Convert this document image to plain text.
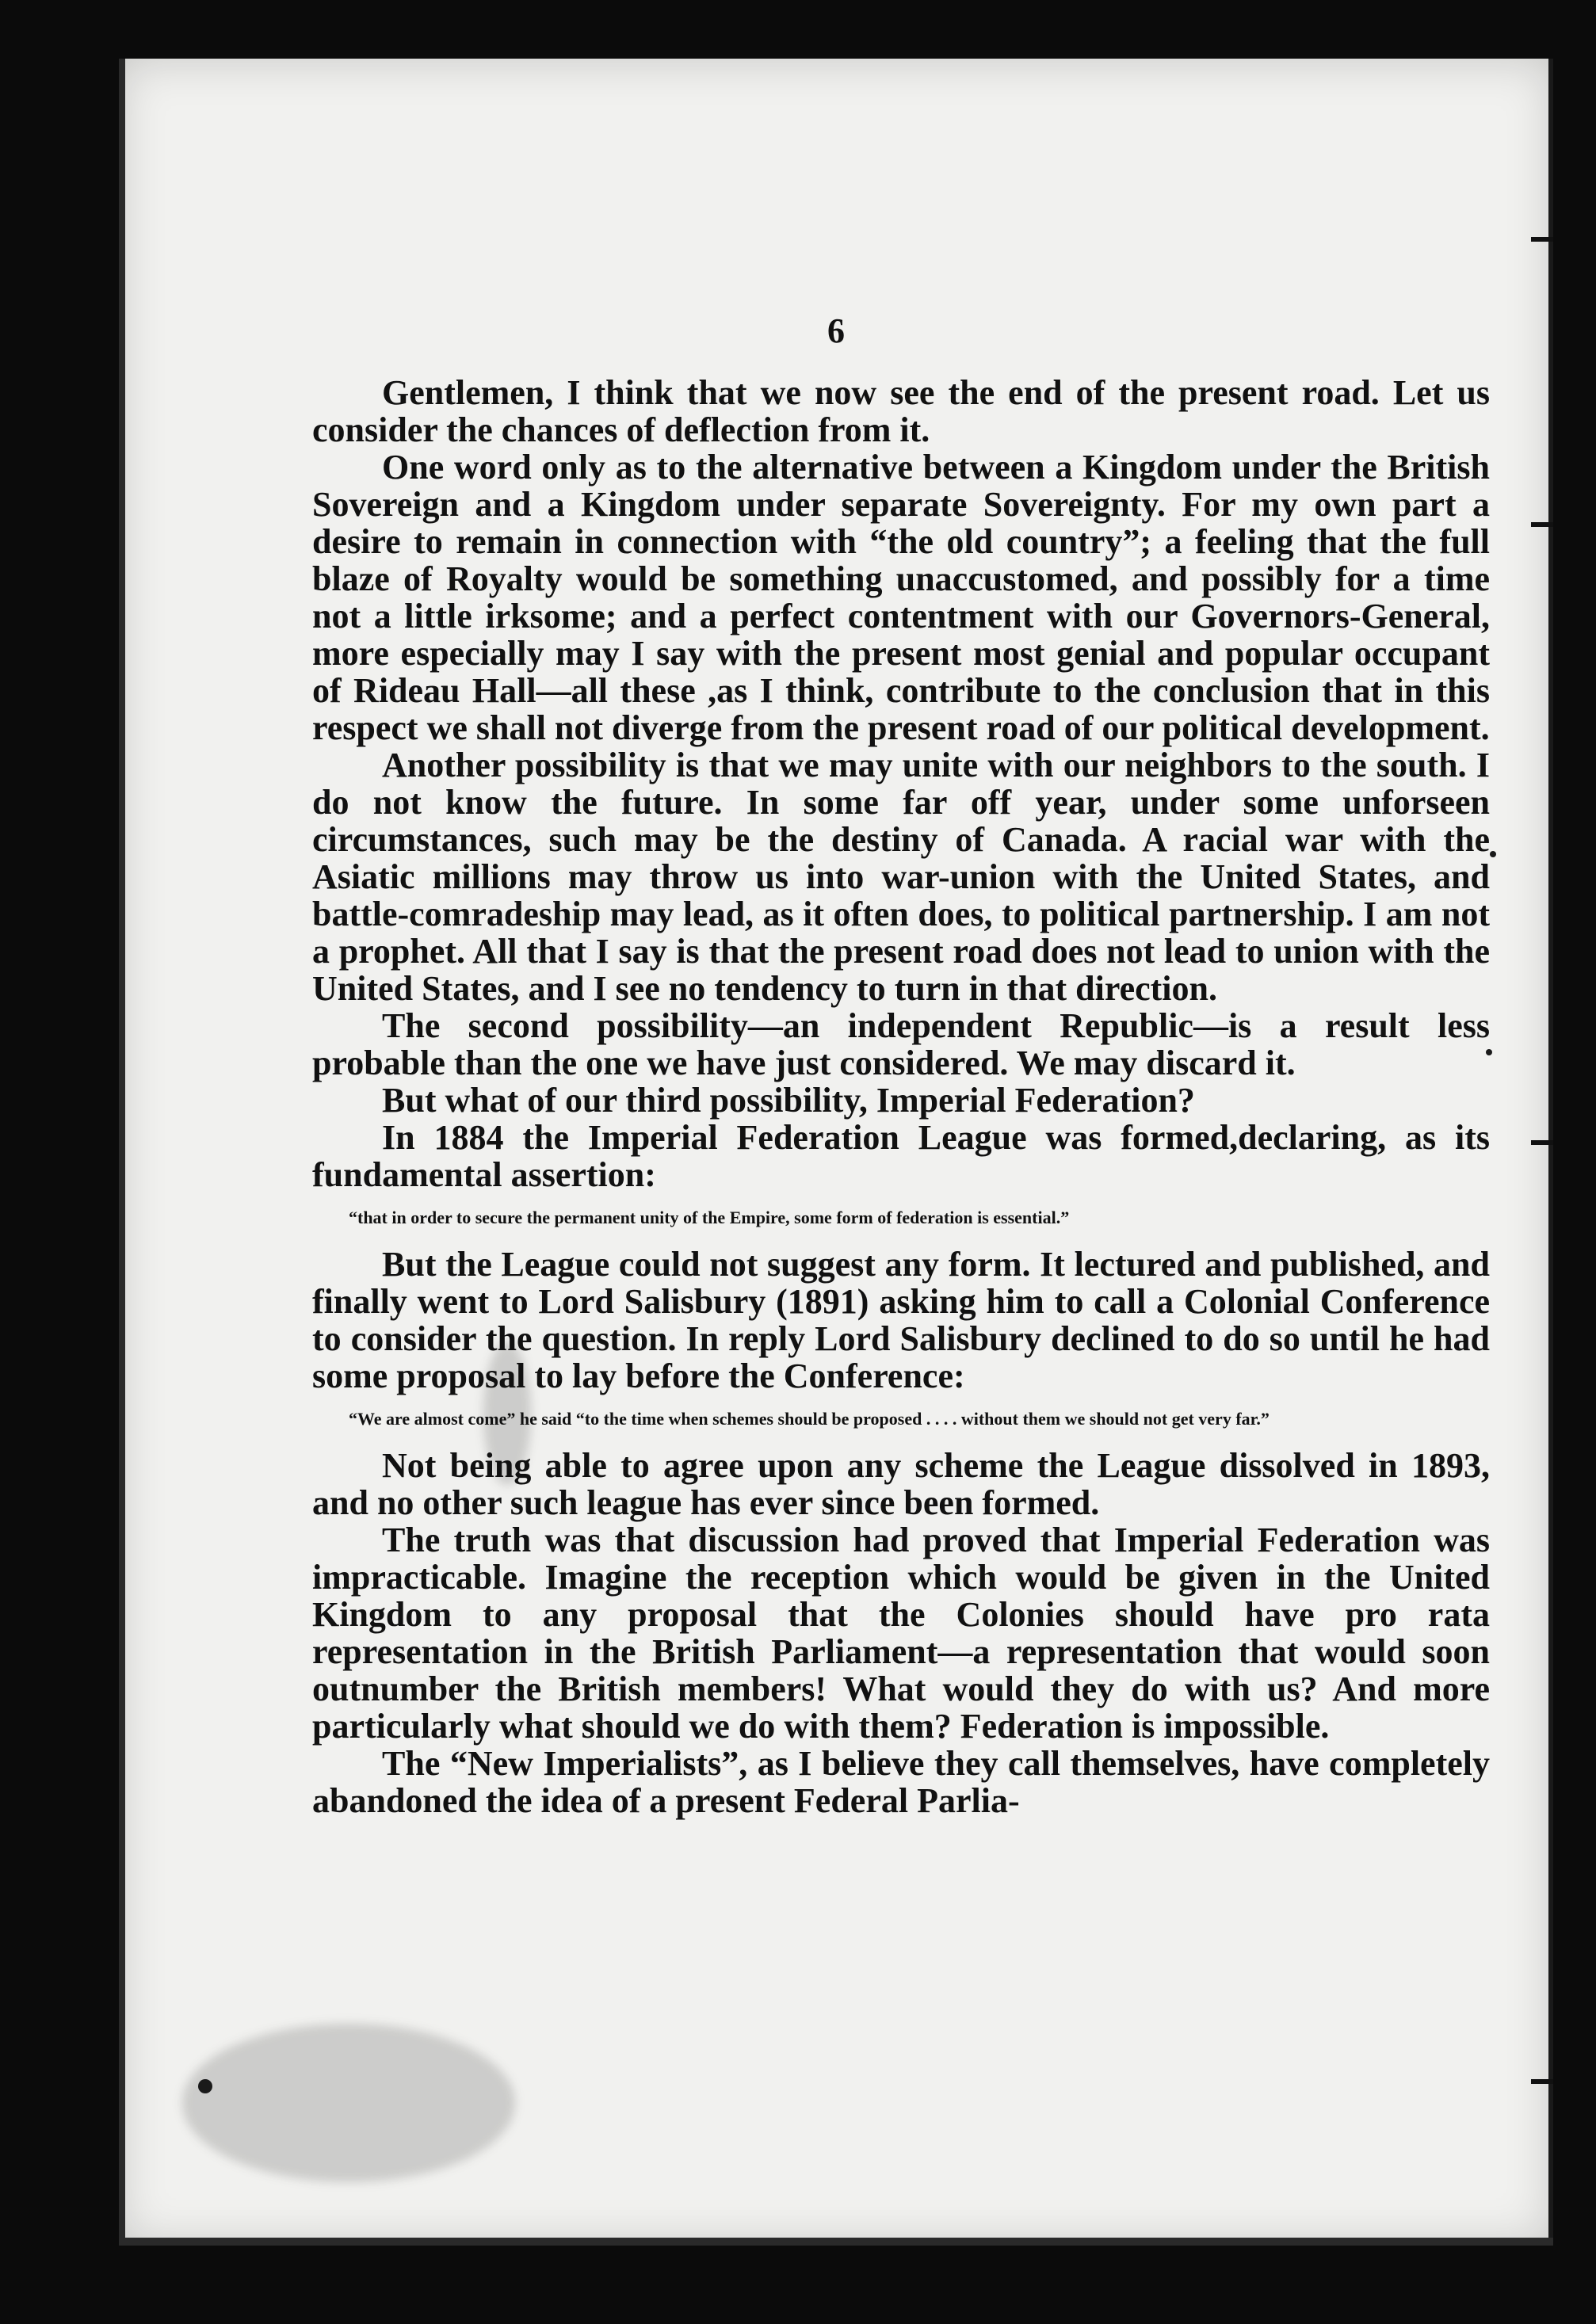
6

Gentlemen, I think that we now see the end of the present road. Let us consider the chances of deflection from it.

One word only as to the alternative between a Kingdom under the British Sovereign and a Kingdom under separate Sovereignty. For my own part a desire to remain in connection with “the old country”; a feeling that the full blaze of Royalty would be something unaccustomed, and possibly for a time not a little irksome; and a perfect contentment with our Governors-General, more especially may I say with the present most genial and popular occupant of Rideau Hall—all these ,as I think, contribute to the conclusion that in this respect we shall not diverge from the present road of our political development.

Another possibility is that we may unite with our neighbors to the south. I do not know the future. In some far off year, under some unforseen circumstances, such may be the destiny of Canada. A racial war with the Asiatic millions may throw us into war-union with the United States, and battle-comradeship may lead, as it often does, to political partnership. I am not a prophet. All that I say is that the present road does not lead to union with the United States, and I see no tendency to turn in that direction.

The second possibility—an independent Republic—is a result less probable than the one we have just considered. We may discard it.

But what of our third possibility, Imperial Federation?

In 1884 the Imperial Federation League was formed,declaring, as its fundamental assertion:

“that in order to secure the permanent unity of the Empire, some form of federation is essential.”

But the League could not suggest any form. It lectured and published, and finally went to Lord Salisbury (1891) asking him to call a Colonial Conference to consider the question. In reply Lord Salisbury declined to do so until he had some proposal to lay before the Conference:

“We are almost come” he said “to the time when schemes should be proposed . . . . without them we should not get very far.”

Not being able to agree upon any scheme the League dissolved in 1893, and no other such league has ever since been formed.

The truth was that discussion had proved that Imperial Federation was impracticable. Imagine the reception which would be given in the United Kingdom to any proposal that the Colonies should have pro rata representation in the British Parliament—a representation that would soon outnumber the British members! What would they do with us? And more particularly what should we do with them? Federation is impossible.

The “New Imperialists”, as I believe they call themselves, have completely abandoned the idea of a present Federal Parlia-
